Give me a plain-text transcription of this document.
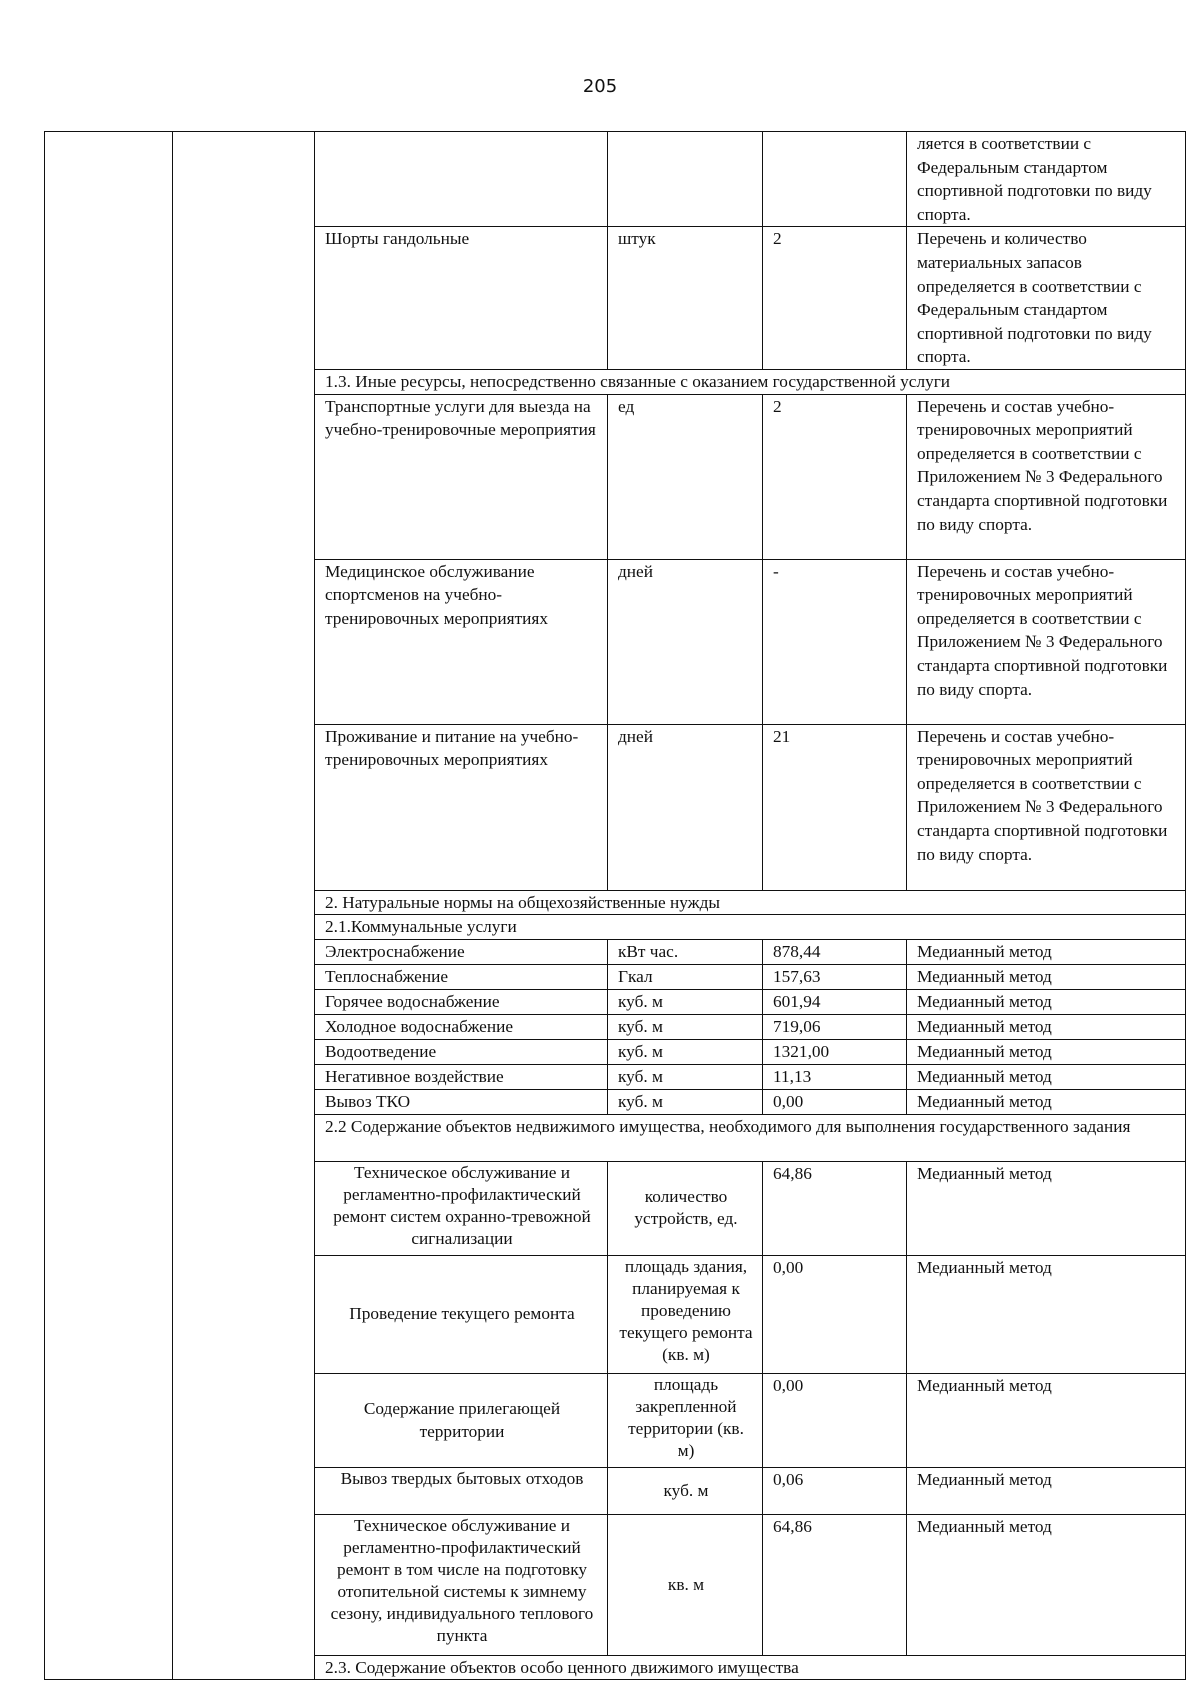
205
					ляется в соответствии с Федеральным стандартом спортивной подготовки по виду спорта.
		Шорты гандольные	штук	2	Перечень и количество материальных запасов определяется в соответствии с Федеральным стандартом спортивной подготовки по виду спорта.
		1.3. Иные ресурсы, непосредственно связанные с оказанием государственной услуги			
		Транспортные услуги для выезда на учебно-тренировочные мероприятия	ед	2	Перечень и состав учебно-тренировочных мероприятий определяется в соответствии с Приложением № 3 Федерального стандарта спортивной подготовки по виду спорта.
		Медицинское обслуживание спортсменов на учебно-тренировочных мероприятиях	дней	-	Перечень и состав учебно-тренировочных мероприятий определяется в соответствии с Приложением № 3 Федерального стандарта спортивной подготовки по виду спорта.
		Проживание и питание на учебно-тренировочных мероприятиях	дней	21	Перечень и состав учебно-тренировочных мероприятий определяется в соответствии с Приложением № 3 Федерального стандарта спортивной подготовки по виду спорта.
		2. Натуральные нормы на общехозяйственные нужды			
		2.1.Коммунальные услуги			
		Электроснабжение	кВт час.	878,44	Медианный метод
		Теплоснабжение	Гкал	157,63	Медианный метод
		Горячее водоснабжение	куб. м	601,94	Медианный метод
		Холодное водоснабжение	куб. м	719,06	Медианный метод
		Водоотведение	куб. м	1321,00	Медианный метод
		Негативное воздействие	куб. м	11,13	Медианный метод
		Вывоз ТКО	куб. м	0,00	Медианный метод
		2.2 Содержание объектов недвижимого имущества, необходимого для выполнения государственного задания			
		Техническое обслуживание и регламентно-профилактический ремонт систем охранно-тревожной сигнализации	количество устройств, ед.	64,86	Медианный метод
		Проведение текущего ремонта	площадь здания, планируемая к проведению текущего ремонта (кв. м)	0,00	Медианный метод
		Содержание прилегающей территории	площадь закрепленной территории (кв. м)	0,00	Медианный метод
		Вывоз твердых бытовых отходов	куб. м	0,06	Медианный метод
		Техническое обслуживание и регламентно-профилактический ремонт в том числе на подготовку отопительной системы к зимнему сезону, индивидуального теплового пункта	кв. м	64,86	Медианный метод
		2.3. Содержание объектов особо ценного движимого имущества			
